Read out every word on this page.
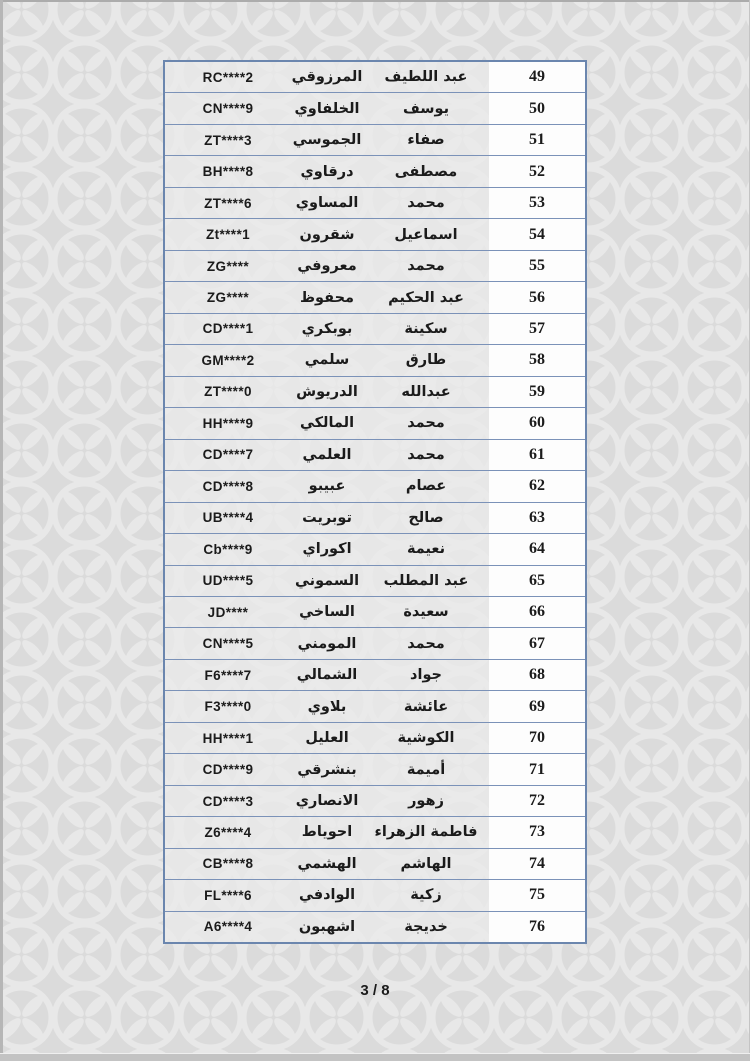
49
عبد اللطيف
المرزوقي
RC****2
50
يوسف
الخلفاوي
CN****9
51
صفاء
الجموسي
ZT****3
52
مصطفى
درقاوي
BH****8
53
محمد
المساوي
ZT****6
54
اسماعيل
شقرون
Zt****1
55
محمد
معروفي
ZG****
56
عبد الحكيم
محفوظ
ZG****
57
سكينة
بوبكري
CD****1
58
طارق
سلمي
GM****2
59
عبدالله
الدريوش
ZT****0
60
محمد
المالكي
HH****9
61
محمد
العلمي
CD****7
62
عصام
عبيبو
CD****8
63
صالح
توبريت
UB****4
64
نعيمة
اكوراي
Cb****9
65
عبد المطلب
السموني
UD****5
66
سعيدة
الساخي
JD****
67
محمد
المومني
CN****5
68
جواد
الشمالي
F6****7
69
عائشة
بلاوي
F3****0
70
الكوشية
العليل
HH****1
71
أميمة
بنشرقي
CD****9
72
زهور
الانصاري
CD****3
73
فاطمة الزهراء
احوياط
Z6****4
74
الهاشم
الهشمي
CB****8
75
زكية
الوادفي
FL****6
76
خديجة
اشهبون
A6****4
3 / 8
